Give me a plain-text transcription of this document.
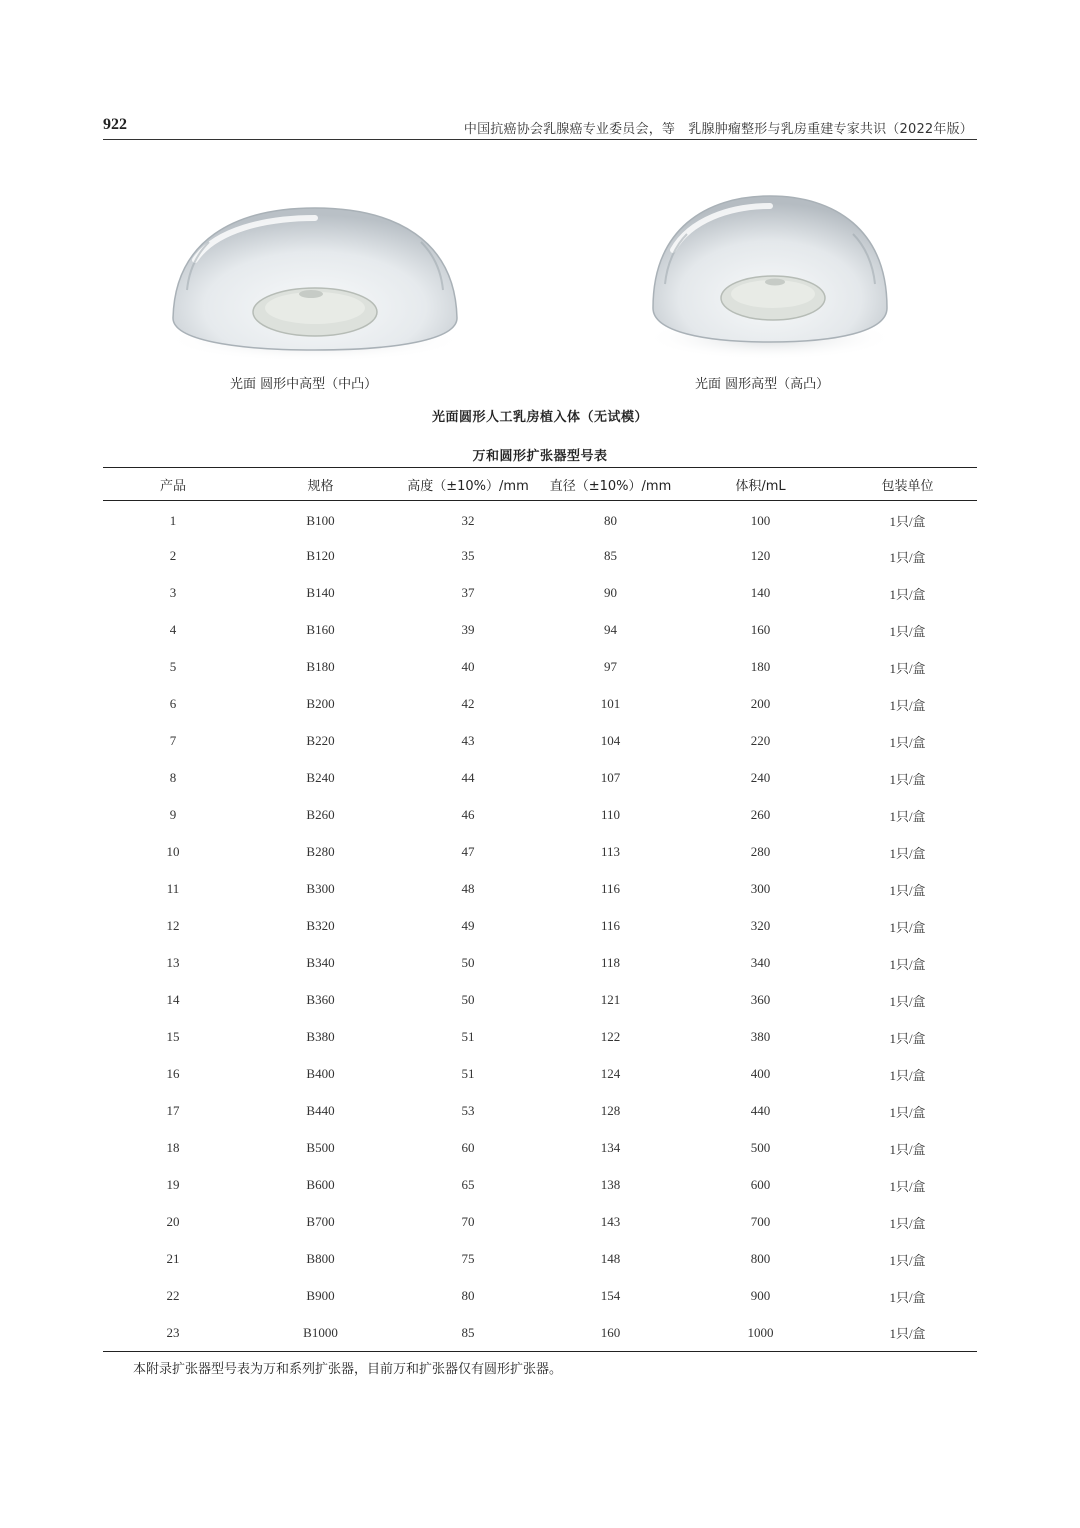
922	中国抗癌协会乳腺癌专业委员会，等　乳腺肿瘤整形与乳房重建专家共识（2022年版）
光面 圆形中高型（中凸）	光面 圆形高型（高凸）
光面圆形人工乳房植入体（无试模）
万和圆形扩张器型号表
产品	规格	高度（±10%）/mm	直径（±10%）/mm	体积/mL	包装单位
1	B100	32	80	100	1只/盒
2	B120	35	85	120	1只/盒
3	B140	37	90	140	1只/盒
4	B160	39	94	160	1只/盒
5	B180	40	97	180	1只/盒
6	B200	42	101	200	1只/盒
7	B220	43	104	220	1只/盒
8	B240	44	107	240	1只/盒
9	B260	46	110	260	1只/盒
10	B280	47	113	280	1只/盒
11	B300	48	116	300	1只/盒
12	B320	49	116	320	1只/盒
13	B340	50	118	340	1只/盒
14	B360	50	121	360	1只/盒
15	B380	51	122	380	1只/盒
16	B400	51	124	400	1只/盒
17	B440	53	128	440	1只/盒
18	B500	60	134	500	1只/盒
19	B600	65	138	600	1只/盒
20	B700	70	143	700	1只/盒
21	B800	75	148	800	1只/盒
22	B900	80	154	900	1只/盒
23	B1000	85	160	1000	1只/盒
本附录扩张器型号表为万和系列扩张器，目前万和扩张器仅有圆形扩张器。
